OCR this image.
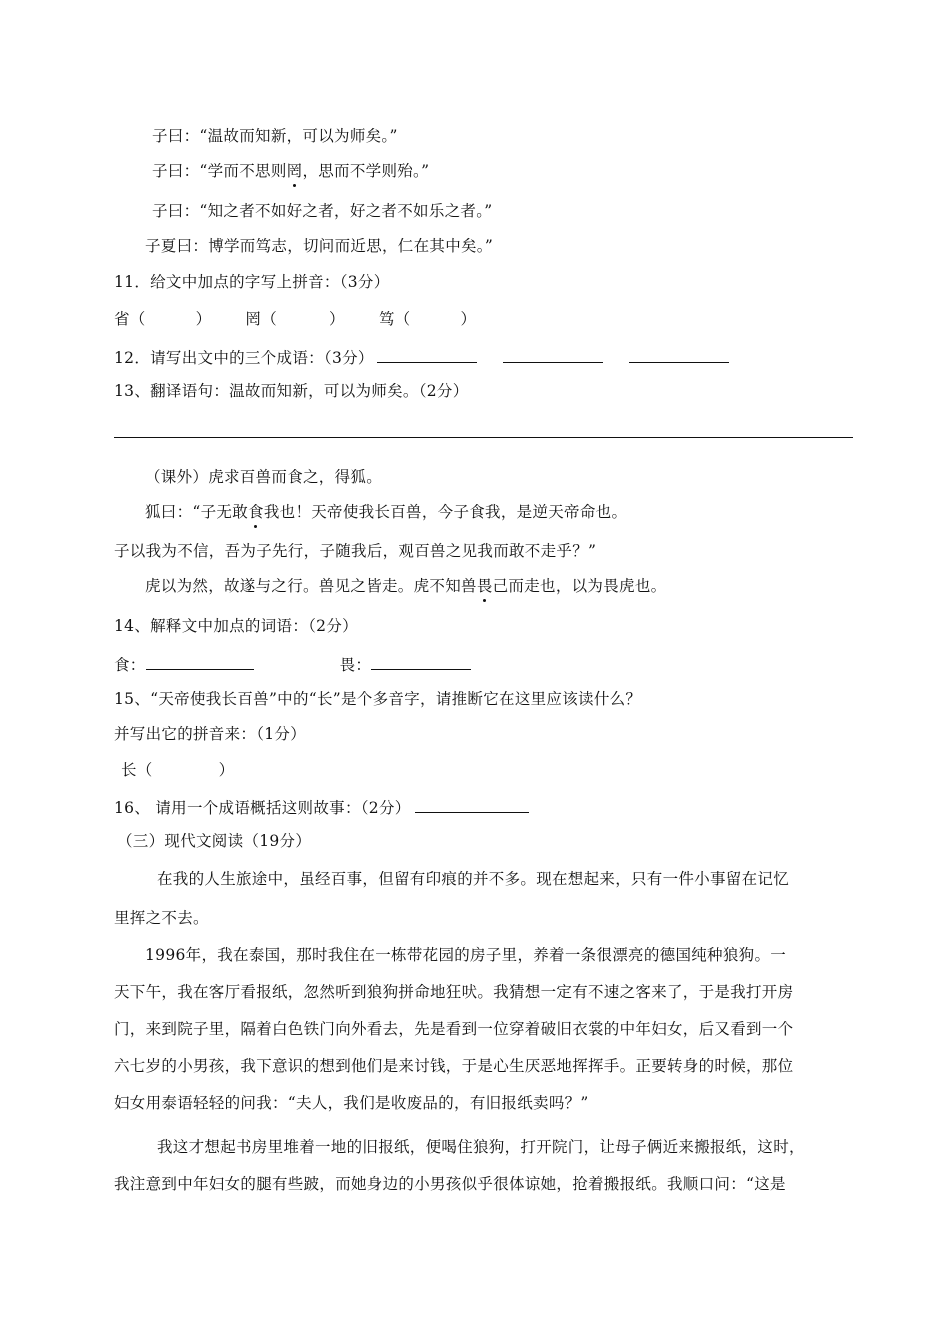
子曰：“温故而知新，可以为师矣。”
子曰：“学而不思则罔，思而不学则殆。”
子曰：“知之者不如好之者，好之者不如乐之者。”
子夏曰：博学而笃志，切问而近思，仁在其中矣。”
11．给文中加点的字写上拼音：（3分）
省（	） 罔（	） 笃（	）
12．请写出文中的三个成语：（3分）
13、翻译语句：温故而知新，可以为师矣。（2分）
（课外）虎求百兽而食之，得狐。
狐曰：“子无敢食我也！天帝使我长百兽，今子食我，是逆天帝命也。
子以我为不信，吾为子先行，子随我后，观百兽之见我而敢不走乎？”
虎以为然，故遂与之行。兽见之皆走。虎不知兽畏己而走也，以为畏虎也。
14、解释文中加点的词语：（2分）
食：	畏：
15、“天帝使我长百兽”中的“长”是个多音字，请推断它在这里应该读什么？
并写出它的拼音来：（1分）
长（	）
16、 请用一个成语概括这则故事：（2分）
（三）现代文阅读（19分）
在我的人生旅途中，虽经百事，但留有印痕的并不多。现在想起来，只有一件小事留在记忆
里挥之不去。
1996年，我在泰国，那时我住在一栋带花园的房子里，养着一条很漂亮的德国纯种狼狗。一
天下午，我在客厅看报纸，忽然听到狼狗拼命地狂吠。我猜想一定有不速之客来了，于是我打开房
门，来到院子里，隔着白色铁门向外看去，先是看到一位穿着破旧衣裳的中年妇女，后又看到一个
六七岁的小男孩，我下意识的想到他们是来讨钱，于是心生厌恶地挥挥手。正要转身的时候，那位
妇女用泰语轻轻的问我：“夫人，我们是收废品的，有旧报纸卖吗？”
我这才想起书房里堆着一地的旧报纸，便喝住狼狗，打开院门，让母子俩近来搬报纸，这时，
我注意到中年妇女的腿有些跛，而她身边的小男孩似乎很体谅她，抢着搬报纸。我顺口问：“这是
